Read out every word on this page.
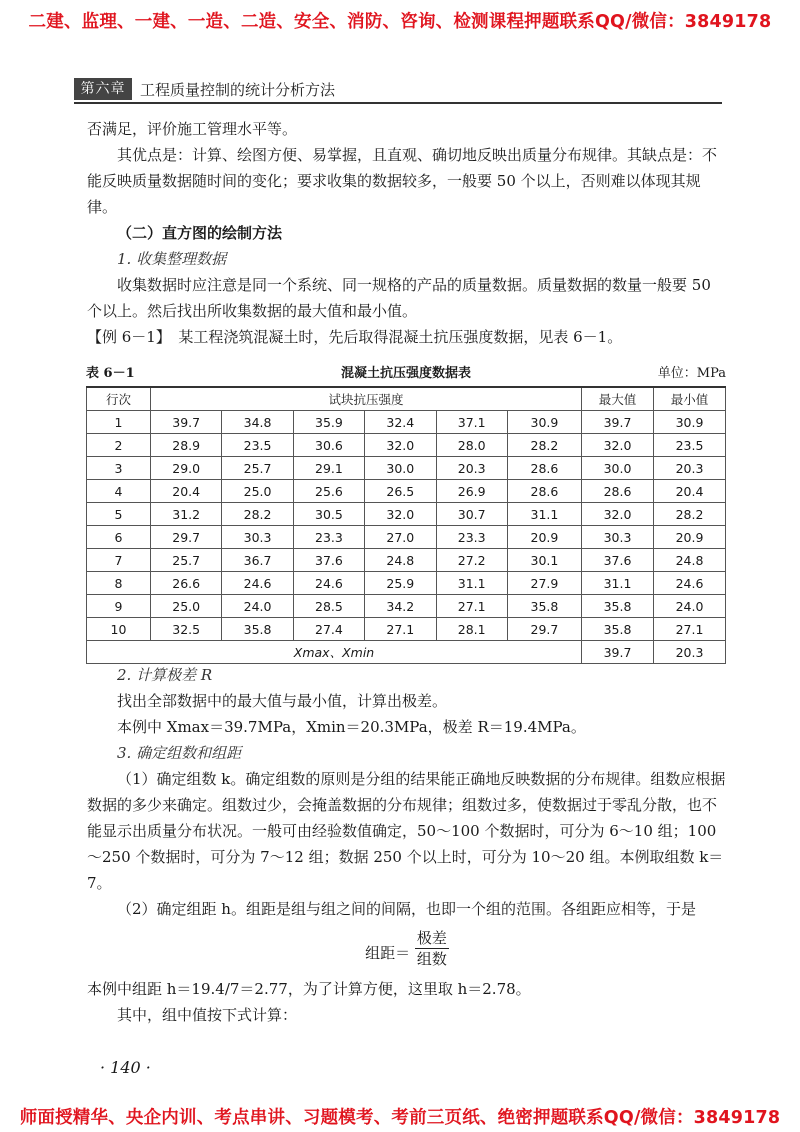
二建、监理、一建、一造、二造、安全、消防、咨询、检测课程押题联系QQ/微信：3849178
第六章 工程质量控制的统计分析方法

否满足，评价施工管理水平等。

其优点是：计算、绘图方便、易掌握，且直观、确切地反映出质量分布规律。其缺点是：不能反映质量数据随时间的变化；要求收集的数据较多，一般要 50 个以上，否则难以体现其规律。

（二）直方图的绘制方法

1. 收集整理数据

收集数据时应注意是同一个系统、同一规格的产品的质量数据。质量数据的数量一般要 50 个以上。然后找出所收集数据的最大值和最小值。

【例 6－1】　某工程浇筑混凝土时，先后取得混凝土抗压强度数据，见表 6－1。

表 6－1	混凝土抗压强度数据表	单位：MPa
行次	试块抗压强度						最大值	最小值
1	39.7	34.8	35.9	32.4	37.1	30.9	39.7	30.9
2	28.9	23.5	30.6	32.0	28.0	28.2	32.0	23.5
3	29.0	25.7	29.1	30.0	20.3	28.6	30.0	20.3
4	20.4	25.0	25.6	26.5	26.9	28.6	28.6	20.4
5	31.2	28.2	30.5	32.0	30.7	31.1	32.0	28.2
6	29.7	30.3	23.3	27.0	23.3	20.9	30.3	20.9
7	25.7	36.7	37.6	24.8	27.2	30.1	37.6	24.8
8	26.6	24.6	24.6	25.9	31.1	27.9	31.1	24.6
9	25.0	24.0	28.5	34.2	27.1	35.8	35.8	24.0
10	32.5	35.8	27.4	27.1	28.1	29.7	35.8	27.1
Xmax、Xmin							39.7	20.3

2. 计算极差 R

找出全部数据中的最大值与最小值，计算出极差。

本例中 Xmax＝39.7MPa，Xmin＝20.3MPa，极差 R＝19.4MPa。

3. 确定组数和组距

（1）确定组数 k。确定组数的原则是分组的结果能正确地反映数据的分布规律。组数应根据数据的多少来确定。组数过少，会掩盖数据的分布规律；组数过多，使数据过于零乱分散，也不能显示出质量分布状况。一般可由经验数值确定，50～100 个数据时，可分为 6～10 组；100～250 个数据时，可分为 7～12 组；数据 250 个以上时，可分为 10～20 组。本例取组数 k＝7。

（2）确定组距 h。组距是组与组之间的间隔，也即一个组的范围。各组距应相等，于是

组距＝
极差
组数

本例中组距 h＝19.4/7＝2.77，为了计算方便，这里取 h＝2.78。

其中，组中值按下式计算：

· 140 ·
师面授精华、央企内训、考点串讲、习题模考、考前三页纸、绝密押题联系QQ/微信：3849178
